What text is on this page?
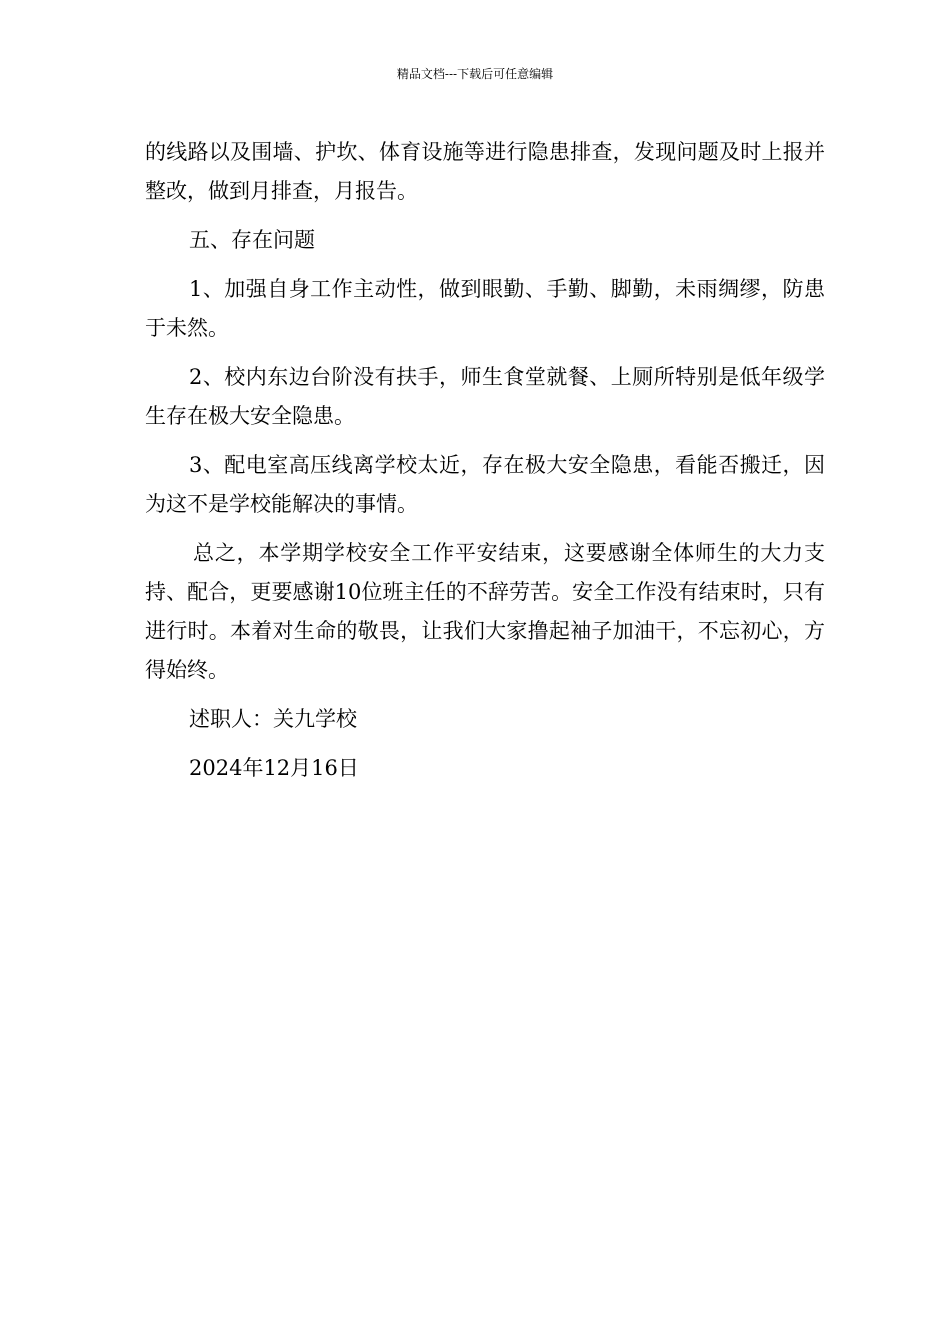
精品文档---下载后可任意编辑

的线路以及围墙、护坎、体育设施等进行隐患排查，发现问题及时上报并整改，做到月排查，月报告。

五、存在问题

1、加强自身工作主动性，做到眼勤、手勤、脚勤，未雨绸缪，防患于未然。

2、校内东边台阶没有扶手，师生食堂就餐、上厕所特别是低年级学生存在极大安全隐患。

3、配电室高压线离学校太近，存在极大安全隐患，看能否搬迁，因为这不是学校能解决的事情。

总之，本学期学校安全工作平安结束，这要感谢全体师生的大力支持、配合，更要感谢10位班主任的不辞劳苦。安全工作没有结束时，只有进行时。本着对生命的敬畏，让我们大家撸起袖子加油干，不忘初心，方得始终。

述职人：关九学校

2024年12月16日
